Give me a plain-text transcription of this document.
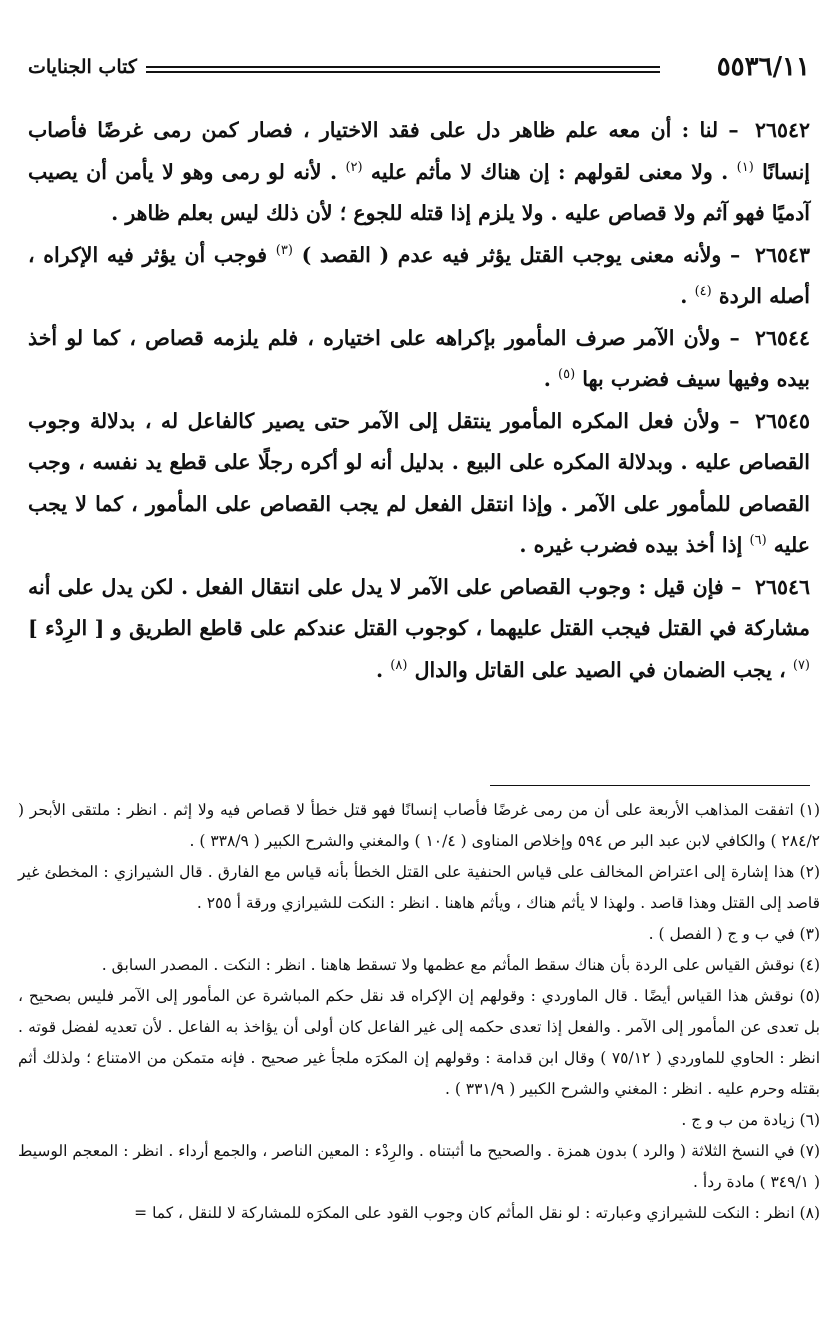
٥٥٣٦/١١
كتاب الجنايات

٢٦٥٤٢ – لنا : أن معه علم ظاهر دل على فقد الاختيار ، فصار كمن رمى غرضًا فأصاب إنسانًا $^{(١)}$ . ولا معنى لقولهم : إن هناك لا مأثم عليه $^{(٢)}$ . لأنه لو رمى وهو لا يأمن أن يصيب آدميًا فهو آثم ولا قصاص عليه . ولا يلزم إذا قتله للجوع ؛ لأن ذلك ليس بعلم ظاهر .

٢٦٥٤٣ – ولأنه معنى يوجب القتل يؤثر فيه عدم ( القصد ) $^{(٣)}$ فوجب أن يؤثر فيه الإكراه ، أصله الردة $^{(٤)}$ .

٢٦٥٤٤ – ولأن الآمر صرف المأمور بإكراهه على اختياره ، فلم يلزمه قصاص ، كما لو أخذ بيده وفيها سيف فضرب بها $^{(٥)}$ .

٢٦٥٤٥ – ولأن فعل المكره المأمور ينتقل إلى الآمر حتى يصير كالفاعل له ، بدلالة وجوب القصاص عليه . وبدلالة المكره على البيع . بدليل أنه لو أكره رجلًا على قطع يد نفسه ، وجب القصاص للمأمور على الآمر . وإذا انتقل الفعل لم يجب القصاص على المأمور ، كما لا يجب عليه $^{(٦)}$ إذا أخذ بيده فضرب غيره .

٢٦٥٤٦ – فإن قيل : وجوب القصاص على الآمر لا يدل على انتقال الفعل . لكن يدل على أنه مشاركة في القتل فيجب القتل عليهما ، كوجوب القتل عندكم على قاطع الطريق و [ الرِدْء ] $^{(٧)}$ ، يجب الضمان في الصيد على القاتل والدال $^{(٨)}$ .

(١) اتفقت المذاهب الأربعة على أن من رمى غرضًا فأصاب إنسانًا فهو قتل خطأ لا قصاص فيه ولا إثم . انظر : ملتقى الأبحر ( ٢٨٤/٢ ) والكافي لابن عبد البر ص ٥٩٤ وإخلاص المناوى ( ١٠/٤ ) والمغني والشرح الكبير ( ٣٣٨/٩ ) .

(٢) هذا إشارة إلى اعتراض المخالف على قياس الحنفية على القتل الخطأ بأنه قياس مع الفارق . قال الشيرازي : المخطئ غير قاصد إلى القتل وهذا قاصد . ولهذا لا يأثم هناك ، ويأثم هاهنا . انظر : النكت للشيرازي ورقة أ ٢٥٥ .

(٣) في ب و ج ( الفصل ) .

(٤) نوقش القياس على الردة بأن هناك سقط المأثم مع عظمها ولا تسقط هاهنا . انظر : النكت . المصدر السابق .

(٥) نوقش هذا القياس أيضًا . قال الماوردي : وقولهم إن الإكراه قد نقل حكم المباشرة عن المأمور إلى الآمر فليس بصحيح ، بل تعدى عن المأمور إلى الآمر . والفعل إذا تعدى حكمه إلى غير الفاعل كان أولى أن يؤاخذ به الفاعل . لأن تعديه لفضل قوته . انظر : الحاوي للماوردي ( ٧٥/١٢ ) وقال ابن قدامة : وقولهم إن المكرَه ملجأ غير صحيح . فإنه متمكن من الامتناع ؛ ولذلك أثم بقتله وحرم عليه . انظر : المغني والشرح الكبير ( ٣٣١/٩ ) .

(٦) زيادة من ب و ج .

(٧) في النسخ الثلاثة ( والرد ) بدون همزة . والصحيح ما أثبتناه . والرِدْء : المعين الناصر ، والجمع أرداء . انظر : المعجم الوسيط ( ٣٤٩/١ ) مادة ردأ .

(٨) انظر : النكت للشيرازي وعبارته : لو نقل المأثم كان وجوب القود على المكرَه للمشاركة لا للنقل ، كما =
